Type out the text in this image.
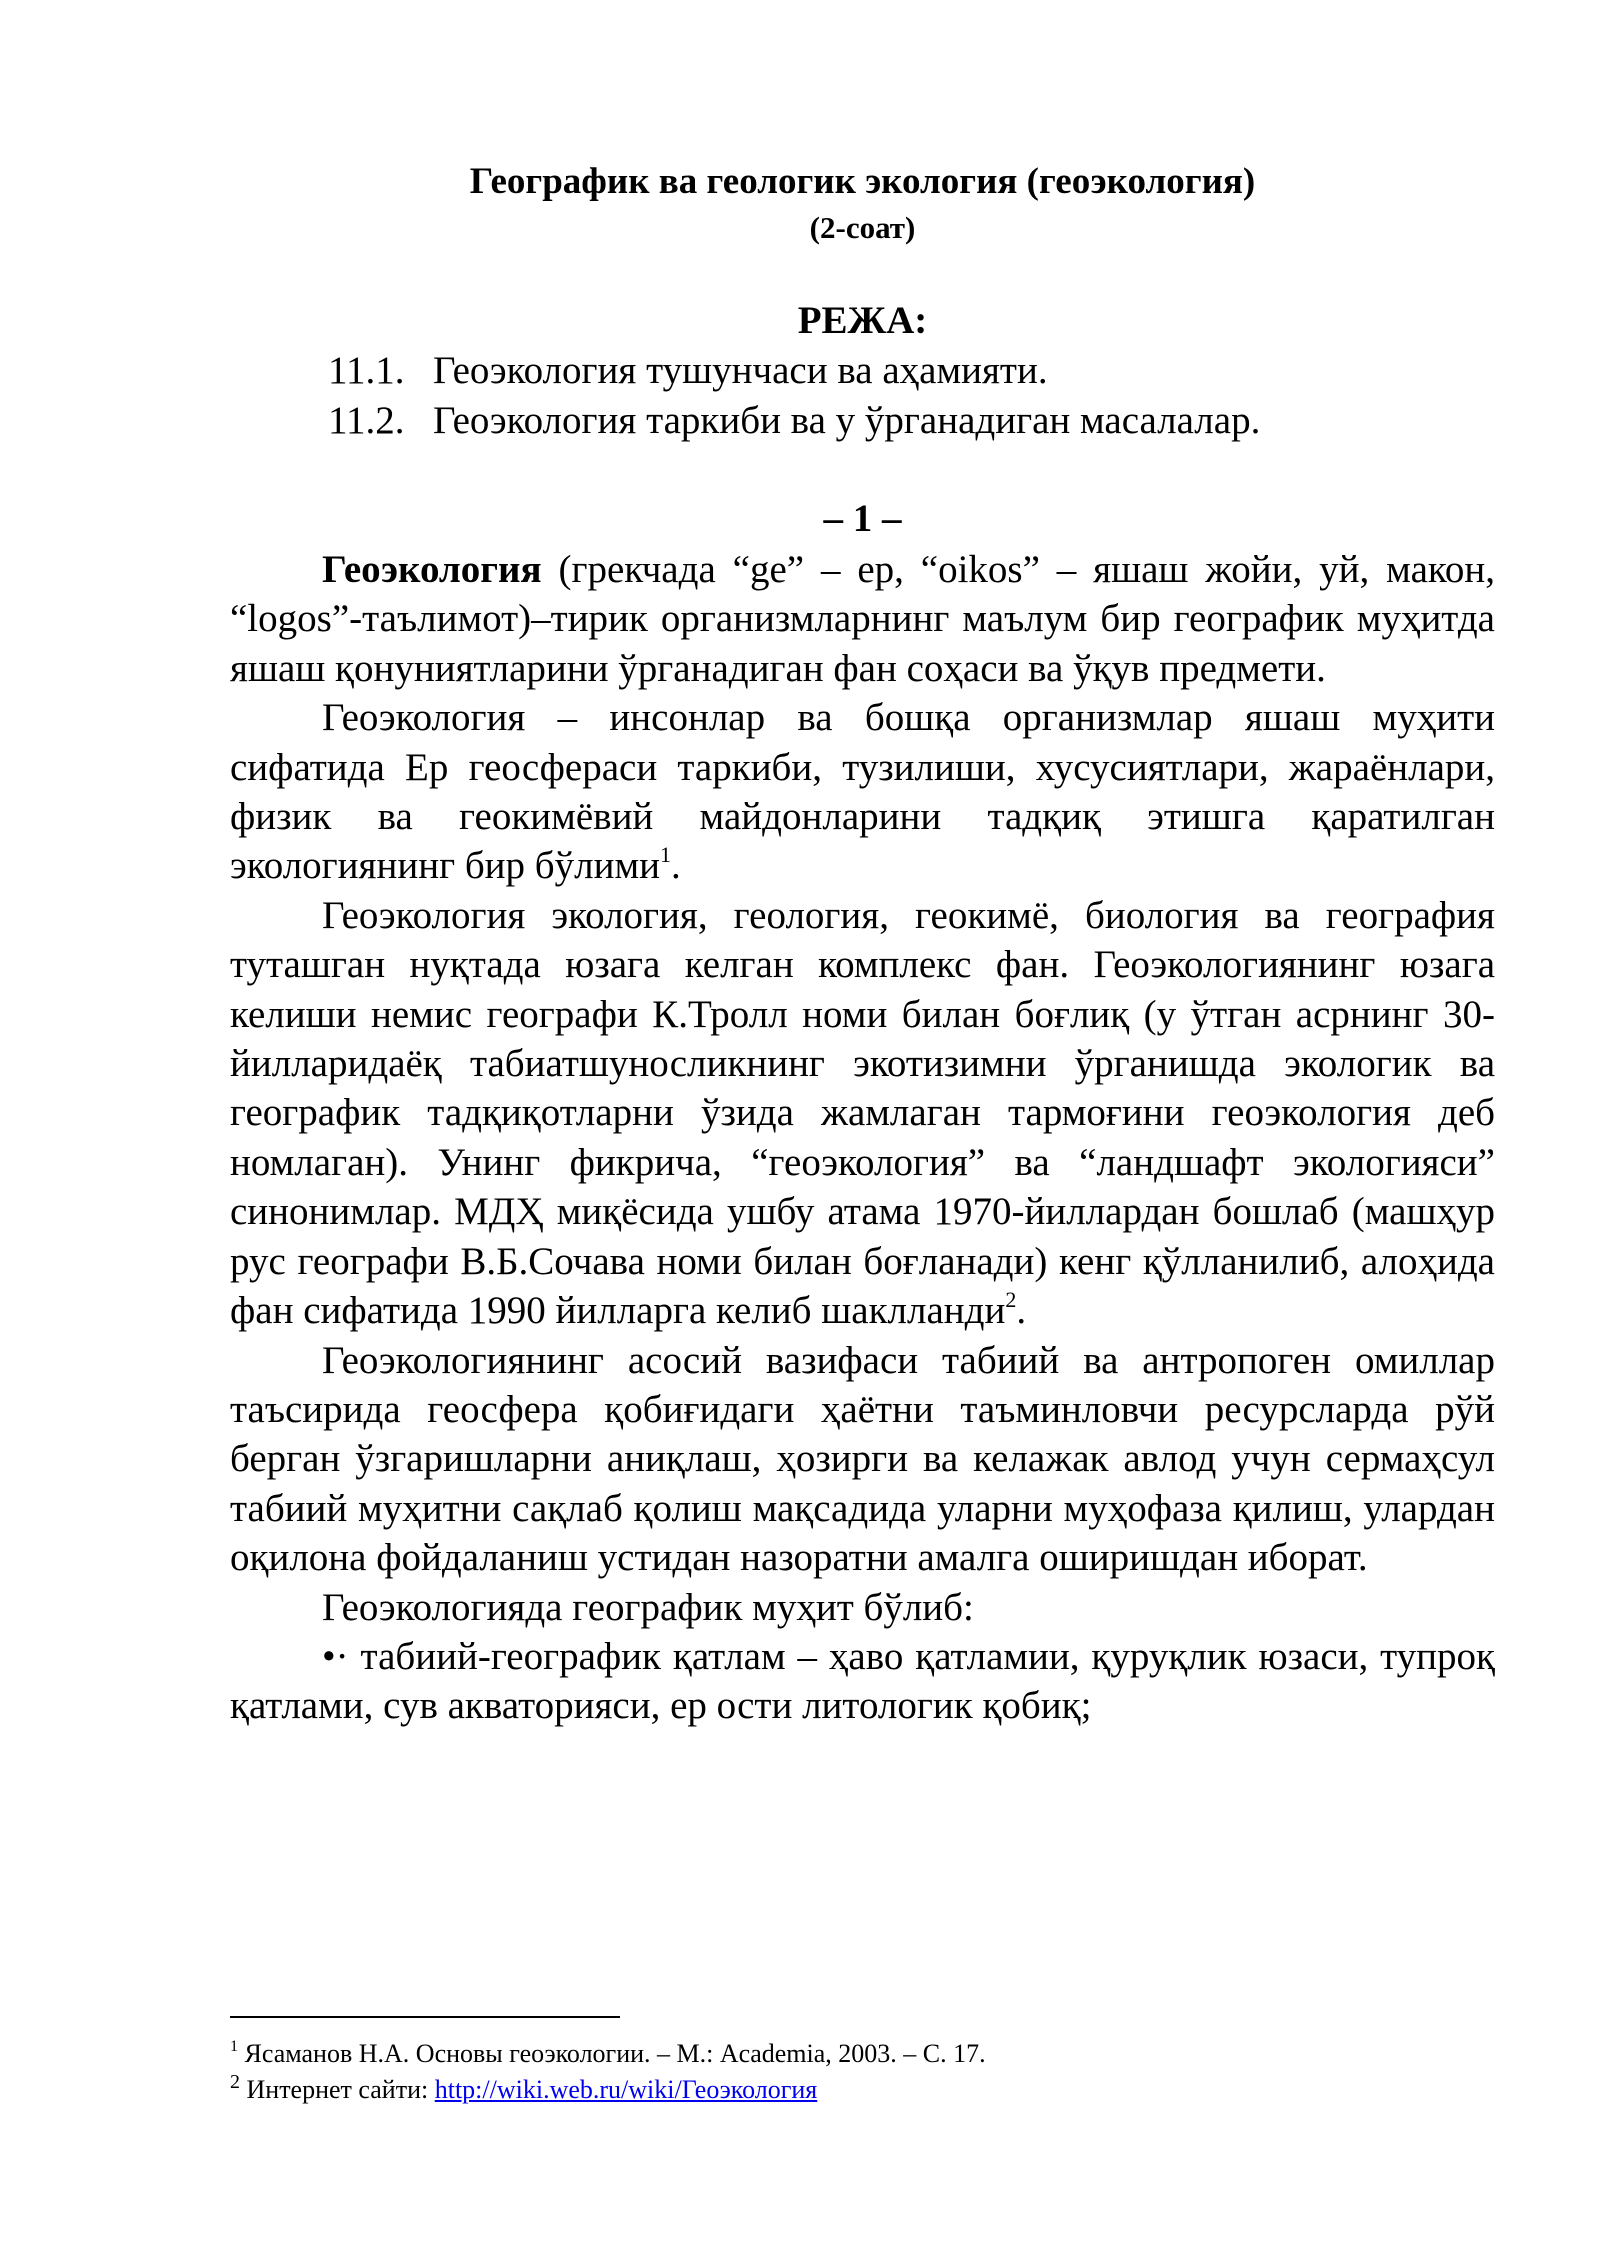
Географик ва геологик экология (геоэкология)
(2-соат)
РЕЖА:
11.1. Геоэкология тушунчаси ва аҳамияти.
11.2. Геоэкология таркиби ва у ўрганадиган масалалар.
– 1 –

Геоэкология (грекчада “ge” – ер, “oikos” – яшаш жойи, уй, макон, “logos”-таълимот)–тирик организмларнинг маълум бир географик муҳитда яшаш қонуниятларини ўрганадиган фан соҳаси ва ўқув предмети.

Геоэкология – инсонлар ва бошқа организмлар яшаш муҳити сифатида Ер геосфераси таркиби, тузилиши, хусусиятлари, жараёнлари, физик ва геокимёвий майдонларини тадқиқ этишга қаратилган экологиянинг бир бўлими$^1$.

Геоэкология экология, геология, геокимё, биология ва география туташган нуқтада юзага келган комплекс фан. Геоэкологиянинг юзага келиши немис географи К.Тролл номи билан боғлиқ (у ўтган асрнинг 30-йилларидаёқ табиатшуносликнинг экотизимни ўрганишда экологик ва географик тадқиқотларни ўзида жамлаган тармоғини геоэкология деб номлаган). Унинг фикрича, “геоэкология” ва “ландшафт экологияси” синонимлар. МДҲ миқёсида ушбу атама 1970-йиллардан бошлаб (машҳур рус географи В.Б.Сочава номи билан боғланади) кенг қўлланилиб, алоҳида фан сифатида 1990 йилларга келиб шаклланди$^2$.

Геоэкологиянинг асосий вазифаси табиий ва антропоген омиллар таъсирида геосфера қобиғидаги ҳаётни таъминловчи ресурсларда рўй берган ўзгаришларни аниқлаш, ҳозирги ва келажак авлод учун сермаҳсул табиий муҳитни сақлаб қолиш мақсадида уларни муҳофаза қилиш, улардан оқилона фойдаланиш устидан назоратни амалга оширишдан иборат.

Геоэкологияда географик муҳит бўлиб:

•· табиий-географик қатлам – ҳаво қатламии, қуруқлик юзаси, тупроқ қатлами, сув акваторияси, ер ости литологик қобиқ;

$^1$ Ясаманов Н.А. Основы геоэкологии. – М.: Academia, 2003. – С. 17.
$^2$ Интернет сайти: http://wiki.web.ru/wiki/Геоэкология
